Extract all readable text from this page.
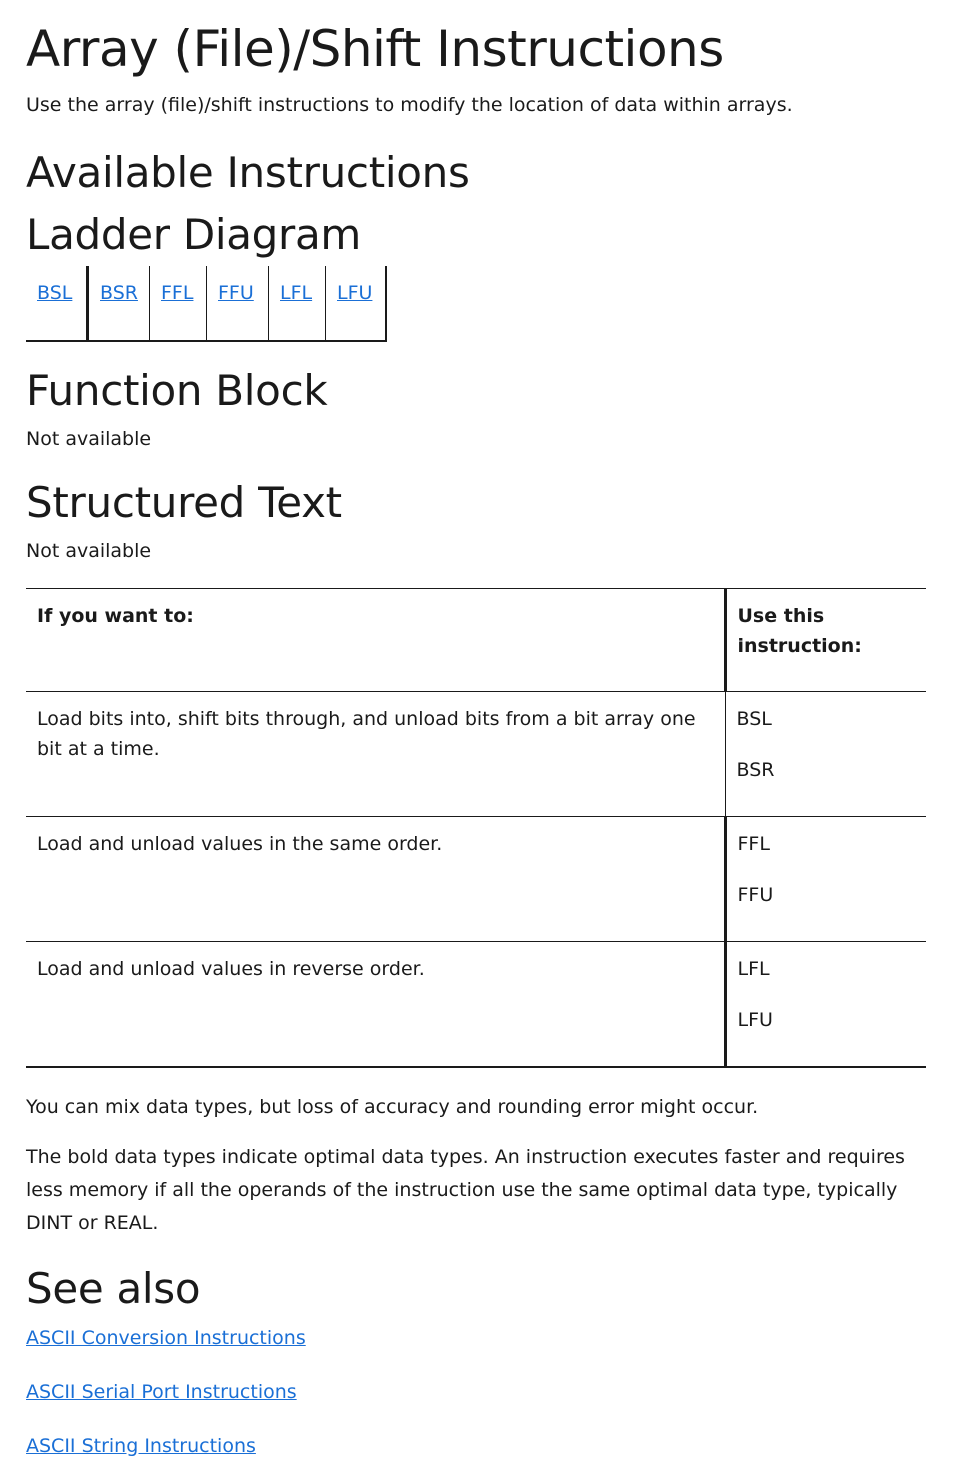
Array (File)/Shift Instructions

Use the array (file)/shift instructions to modify the location of data within arrays.

Available Instructions
Ladder Diagram
BSL BSR FFL FFU LFL LFU
Function Block

Not available

Structured Text

Not available

If you want to:	Use this instruction:
Load bits into, shift bits through, and unload bits from a bit array one bit at a time.	BSL
BSR

Load and unload values in the same order.	FFL
FFU

Load and unload values in reverse order.	LFL
LFU

You can mix data types, but loss of accuracy and rounding error might occur.

The bold data types indicate optimal data types. An instruction executes faster and requires less memory if all the operands of the instruction use the same optimal data type, typically DINT or REAL.

See also
ASCII Conversion Instructions
ASCII Serial Port Instructions
ASCII String Instructions
